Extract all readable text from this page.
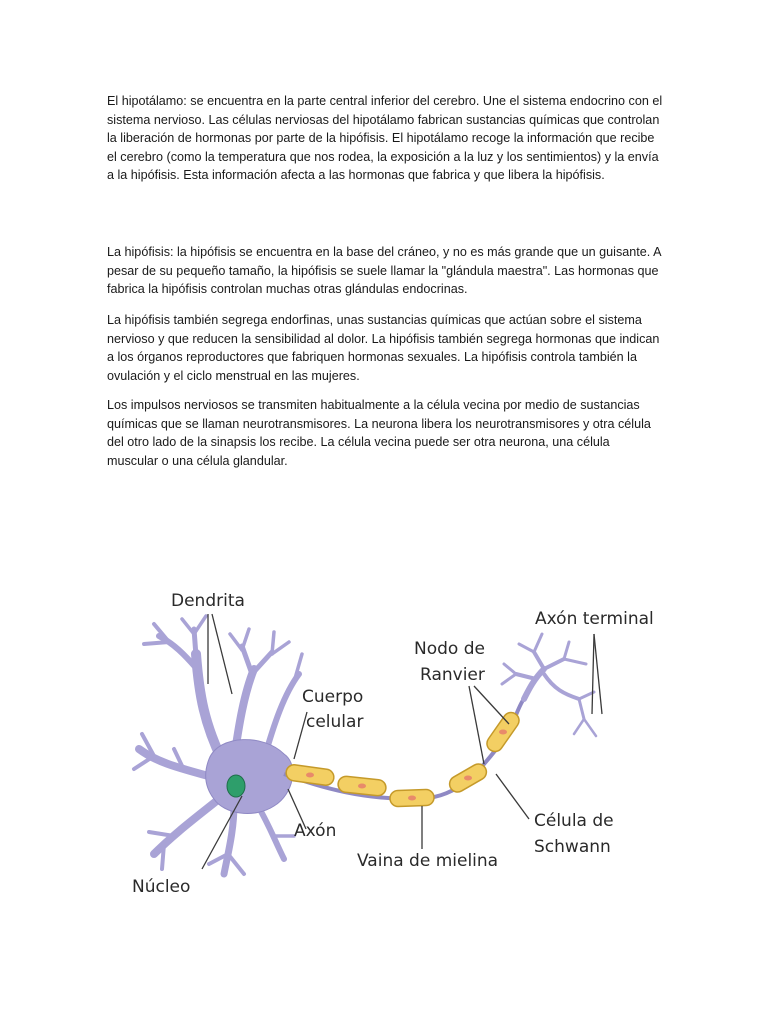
El hipotálamo: se encuentra en la parte central inferior del cerebro. Une el sistema endocrino con el sistema nervioso. Las células nerviosas del hipotálamo fabrican sustancias químicas que controlan la liberación de hormonas por parte de la hipófisis. El hipotálamo recoge la información que recibe el cerebro (como la temperatura que nos rodea, la exposición a la luz y los sentimientos) y la envía a la hipófisis. Esta información afecta a las hormonas que fabrica y que libera la hipófisis.

La hipófisis: la hipófisis se encuentra en la base del cráneo, y no es más grande que un guisante. A pesar de su pequeño tamaño, la hipófisis se suele llamar la "glándula maestra". Las hormonas que fabrica la hipófisis controlan muchas otras glándulas endocrinas.

La hipófisis también segrega endorfinas, unas sustancias químicas que actúan sobre el sistema nervioso y que reducen la sensibilidad al dolor. La hipófisis también segrega hormonas que indican a los órganos reproductores que fabriquen hormonas sexuales. La hipófisis controla también la ovulación y el ciclo menstrual en las mujeres.

Los impulsos nerviosos se transmiten habitualmente a la célula vecina por medio de sustancias químicas que se llaman neurotransmisores. La neurona libera los neurotransmisores y otra célula del otro lado de la sinapsis los recibe. La célula vecina puede ser otra neurona, una célula muscular o una célula glandular.

Dendrita
Axón terminal
Nodo de
Ranvier
Cuerpo
celular
Axón	Célula de
Schwann
Vaina de mielina
Núcleo
